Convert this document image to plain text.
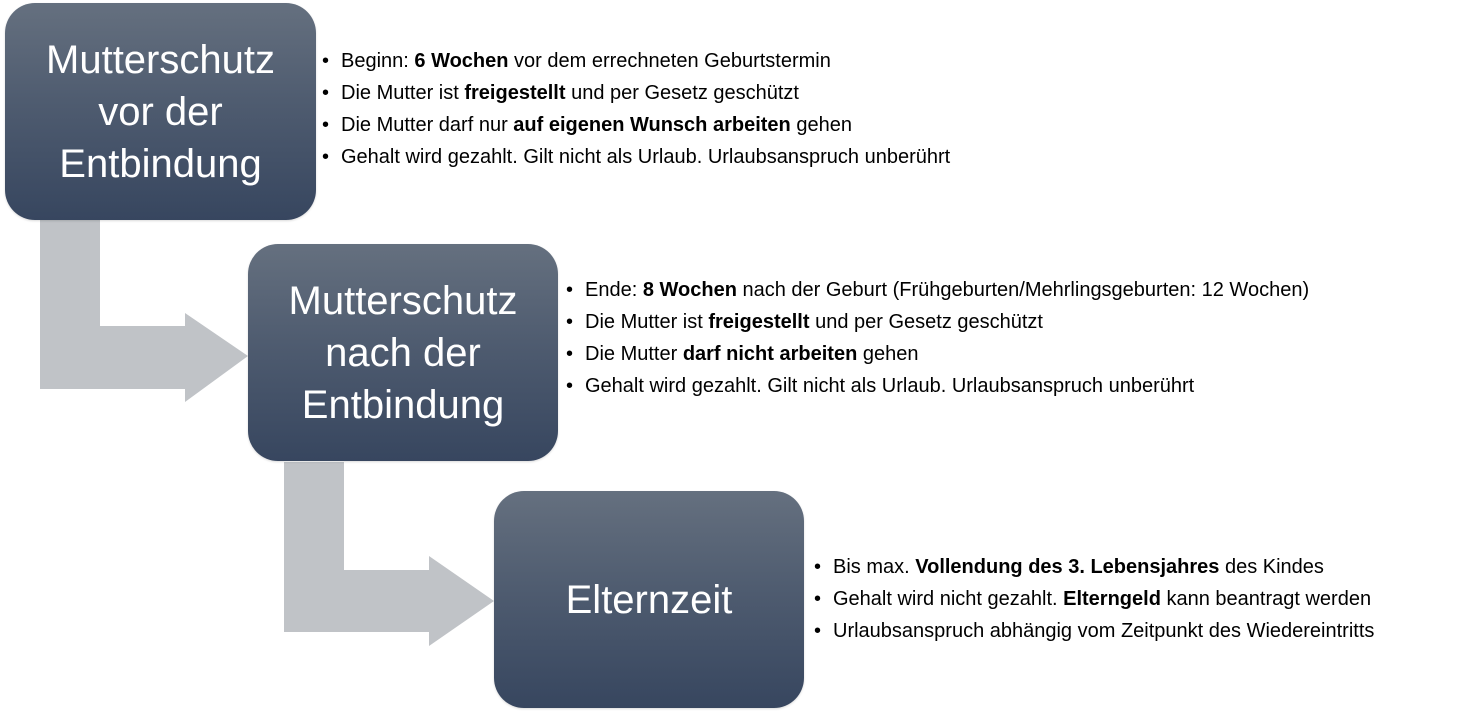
Mutterschutz
vor der
Entbindung
Mutterschutz
nach der
Entbindung
Elternzeit
• Beginn: 6 Wochen vor dem errechneten Geburtstermin
• Die Mutter ist freigestellt und per Gesetz geschützt
• Die Mutter darf nur auf eigenen Wunsch arbeiten gehen
• Gehalt wird gezahlt. Gilt nicht als Urlaub. Urlaubsanspruch unberührt
• Ende: 8 Wochen nach der Geburt (Frühgeburten/Mehrlingsgeburten: 12 Wochen)
• Die Mutter ist freigestellt und per Gesetz geschützt
• Die Mutter darf nicht arbeiten gehen
• Gehalt wird gezahlt. Gilt nicht als Urlaub. Urlaubsanspruch unberührt
• Bis max. Vollendung des 3. Lebensjahres des Kindes
• Gehalt wird nicht gezahlt. Elterngeld kann beantragt werden
• Urlaubsanspruch abhängig vom Zeitpunkt des Wiedereintritts
